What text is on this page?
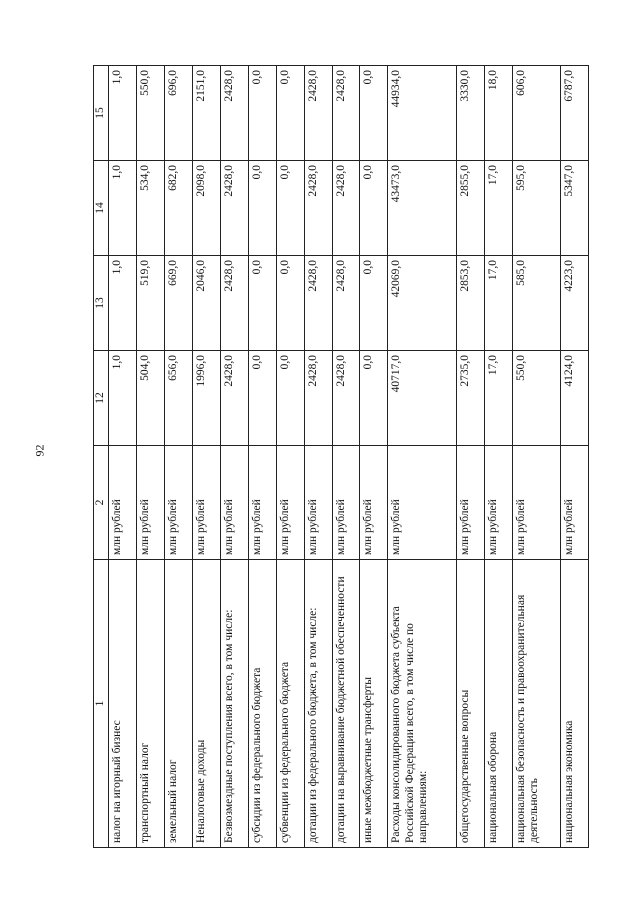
92
1	2	12	13	14	15
налог на игорный бизнес	млн рублей	1,0	1,0	1,0	1,0
транспортный налог	млн рублей	504,0	519,0	534,0	550,0
земельный налог	млн рублей	656,0	669,0	682,0	696,0
Неналоговые доходы	млн рублей	1996,0	2046,0	2098,0	2151,0
Безвозмездные поступления всего, в том числе:	млн рублей	2428,0	2428,0	2428,0	2428,0
субсидии из федерального бюджета	млн рублей	0,0	0,0	0,0	0,0
субвенции из федерального бюджета	млн рублей	0,0	0,0	0,0	0,0
дотации из федерального бюджета, в том числе:	млн рублей	2428,0	2428,0	2428,0	2428,0
дотации на выравнивание бюджетной обеспеченности	млн рублей	2428,0	2428,0	2428,0	2428,0
иные межбюджетные трансферты	млн рублей	0,0	0,0	0,0	0,0
Расходы консолидированного бюджета субъекта Российской Федерации всего, в том числе по направлениям:	млн рублей	40717,0	42069,0	43473,0	44934,0
общегосударственные вопросы	млн рублей	2735,0	2853,0	2855,0	3330,0
национальная оборона	млн рублей	17,0	17,0	17,0	18,0
национальная безопасность и правоохранительная деятельность	млн рублей	550,0	585,0	595,0	606,0
национальная экономика	млн рублей	4124,0	4223,0	5347,0	6787,0
